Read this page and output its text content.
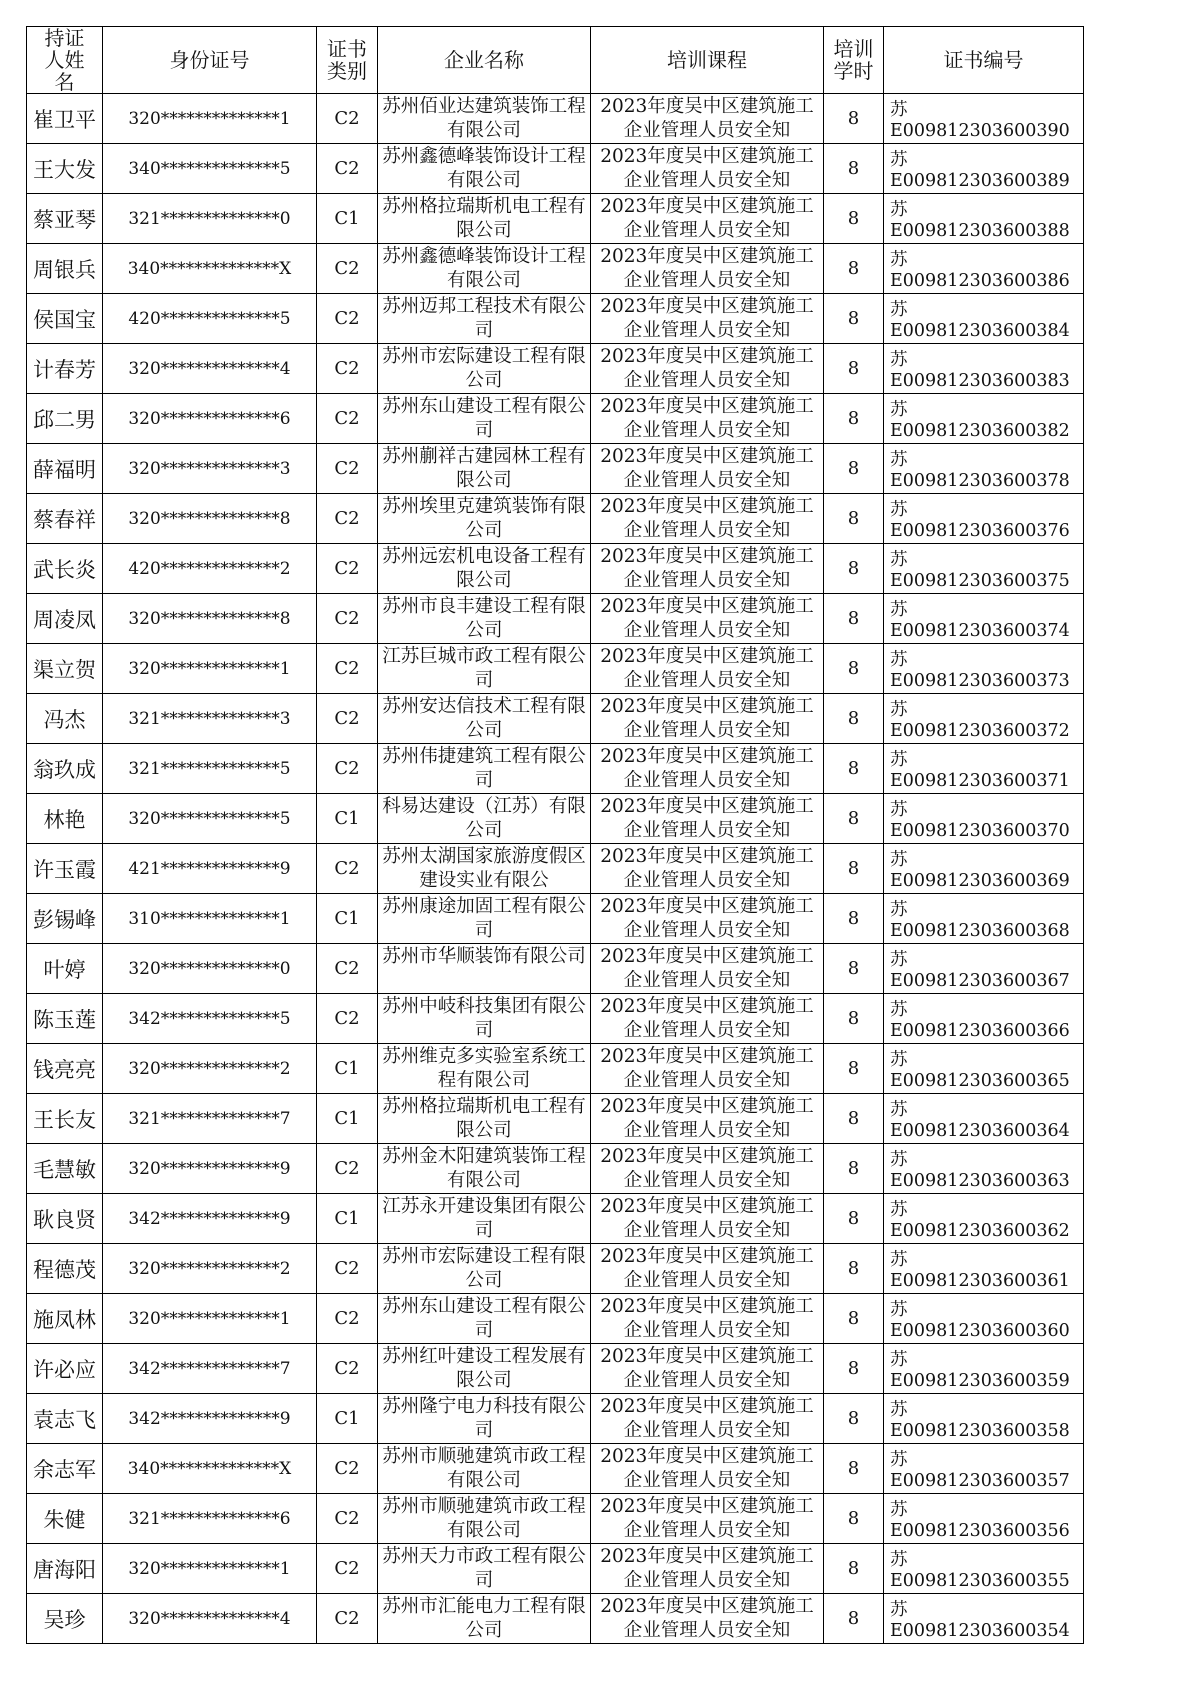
持证人姓名	身份证号	证书类别	企业名称	培训课程	培训学时	证书编号
崔卫平	320**************1	C2	苏州佰业达建筑装饰工程有限公司	2023年度吴中区建筑施工企业管理人员安全知	8	苏E009812303600390
王大发	340**************5	C2	苏州鑫德峰装饰设计工程有限公司	2023年度吴中区建筑施工企业管理人员安全知	8	苏E009812303600389
蔡亚琴	321**************0	C1	苏州格拉瑞斯机电工程有限公司	2023年度吴中区建筑施工企业管理人员安全知	8	苏E009812303600388
周银兵	340**************X	C2	苏州鑫德峰装饰设计工程有限公司	2023年度吴中区建筑施工企业管理人员安全知	8	苏E009812303600386
侯国宝	420**************5	C2	苏州迈邦工程技术有限公司	2023年度吴中区建筑施工企业管理人员安全知	8	苏E009812303600384
计春芳	320**************4	C2	苏州市宏际建设工程有限公司	2023年度吴中区建筑施工企业管理人员安全知	8	苏E009812303600383
邱二男	320**************6	C2	苏州东山建设工程有限公司	2023年度吴中区建筑施工企业管理人员安全知	8	苏E009812303600382
薛福明	320**************3	C2	苏州蒯祥古建园林工程有限公司	2023年度吴中区建筑施工企业管理人员安全知	8	苏E009812303600378
蔡春祥	320**************8	C2	苏州埃里克建筑装饰有限公司	2023年度吴中区建筑施工企业管理人员安全知	8	苏E009812303600376
武长炎	420**************2	C2	苏州远宏机电设备工程有限公司	2023年度吴中区建筑施工企业管理人员安全知	8	苏E009812303600375
周凌凤	320**************8	C2	苏州市良丰建设工程有限公司	2023年度吴中区建筑施工企业管理人员安全知	8	苏E009812303600374
渠立贺	320**************1	C2	江苏巨城市政工程有限公司	2023年度吴中区建筑施工企业管理人员安全知	8	苏E009812303600373
冯杰	321**************3	C2	苏州安达信技术工程有限公司	2023年度吴中区建筑施工企业管理人员安全知	8	苏E009812303600372
翁玖成	321**************5	C2	苏州伟捷建筑工程有限公司	2023年度吴中区建筑施工企业管理人员安全知	8	苏E009812303600371
林艳	320**************5	C1	科易达建设（江苏）有限公司	2023年度吴中区建筑施工企业管理人员安全知	8	苏E009812303600370
许玉霞	421**************9	C2	苏州太湖国家旅游度假区建设实业有限公	2023年度吴中区建筑施工企业管理人员安全知	8	苏E009812303600369
彭锡峰	310**************1	C1	苏州康途加固工程有限公司	2023年度吴中区建筑施工企业管理人员安全知	8	苏E009812303600368
叶婷	320**************0	C2	苏州市华顺装饰有限公司	2023年度吴中区建筑施工企业管理人员安全知	8	苏E009812303600367
陈玉莲	342**************5	C2	苏州中岐科技集团有限公司	2023年度吴中区建筑施工企业管理人员安全知	8	苏E009812303600366
钱亮亮	320**************2	C1	苏州维克多实验室系统工程有限公司	2023年度吴中区建筑施工企业管理人员安全知	8	苏E009812303600365
王长友	321**************7	C1	苏州格拉瑞斯机电工程有限公司	2023年度吴中区建筑施工企业管理人员安全知	8	苏E009812303600364
毛慧敏	320**************9	C2	苏州金木阳建筑装饰工程有限公司	2023年度吴中区建筑施工企业管理人员安全知	8	苏E009812303600363
耿良贤	342**************9	C1	江苏永开建设集团有限公司	2023年度吴中区建筑施工企业管理人员安全知	8	苏E009812303600362
程德茂	320**************2	C2	苏州市宏际建设工程有限公司	2023年度吴中区建筑施工企业管理人员安全知	8	苏E009812303600361
施凤林	320**************1	C2	苏州东山建设工程有限公司	2023年度吴中区建筑施工企业管理人员安全知	8	苏E009812303600360
许必应	342**************7	C2	苏州红叶建设工程发展有限公司	2023年度吴中区建筑施工企业管理人员安全知	8	苏E009812303600359
袁志飞	342**************9	C1	苏州隆宁电力科技有限公司	2023年度吴中区建筑施工企业管理人员安全知	8	苏E009812303600358
余志军	340**************X	C2	苏州市顺驰建筑市政工程有限公司	2023年度吴中区建筑施工企业管理人员安全知	8	苏E009812303600357
朱健	321**************6	C2	苏州市顺驰建筑市政工程有限公司	2023年度吴中区建筑施工企业管理人员安全知	8	苏E009812303600356
唐海阳	320**************1	C2	苏州天力市政工程有限公司	2023年度吴中区建筑施工企业管理人员安全知	8	苏E009812303600355
吴珍	320**************4	C2	苏州市汇能电力工程有限公司	2023年度吴中区建筑施工企业管理人员安全知	8	苏E009812303600354
